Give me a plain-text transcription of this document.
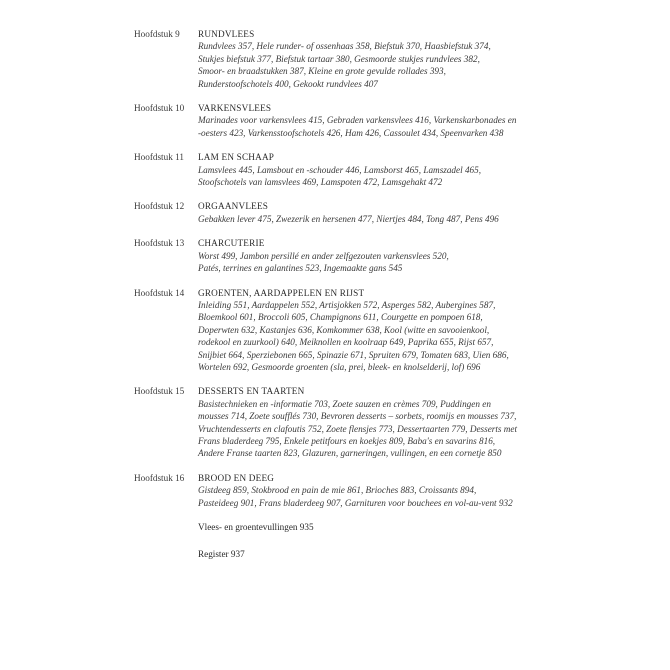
Hoofdstuk 9	RUNDVLEES
Rundvlees 357, Hele runder- of ossenhaas 358, Biefstuk 370, Haasbiefstuk 374,
Stukjes biefstuk 377, Biefstuk tartaar 380, Gesmoorde stukjes rundvlees 382,
Smoor- en braadstukken 387, Kleine en grote gevulde rollades 393,
Runderstoofschotels 400, Gekookt rundvlees 407
Hoofdstuk 10	VARKENSVLEES
Marinades voor varkensvlees 415, Gebraden varkensvlees 416, Varkenskarbonades en
-oesters 423, Varkensstoofschotels 426, Ham 426, Cassoulet 434, Speenvarken 438
Hoofdstuk 11	LAM EN SCHAAP
Lamsvlees 445, Lamsbout en -schouder 446, Lamsborst 465, Lamszadel 465,
Stoofschotels van lamsvlees 469, Lamspoten 472, Lamsgehakt 472
Hoofdstuk 12	ORGAANVLEES
Gebakken lever 475, Zwezerik en hersenen 477, Niertjes 484, Tong 487, Pens 496
Hoofdstuk 13	CHARCUTERIE
Worst 499, Jambon persillé en ander zelfgezouten varkensvlees 520,
Patés, terrines en galantines 523, Ingemaakte gans 545
Hoofdstuk 14	GROENTEN, AARDAPPELEN EN RIJST
Inleiding 551, Aardappelen 552, Artisjokken 572, Asperges 582, Aubergines 587,
Bloemkool 601, Broccoli 605, Champignons 611, Courgette en pompoen 618,
Doperwten 632, Kastanjes 636, Komkommer 638, Kool (witte en savooienkool,
rodekool en zuurkool) 640, Meiknollen en koolraap 649, Paprika 655, Rijst 657,
Snijbiet 664, Sperziebonen 665, Spinazie 671, Spruiten 679, Tomaten 683, Uien 686,
Wortelen 692, Gesmoorde groenten (sla, prei, bleek- en knolselderij, lof) 696
Hoofdstuk 15	DESSERTS EN TAARTEN
Basistechnieken en -informatie 703, Zoete sauzen en crèmes 709, Puddingen en
mousses 714, Zoete soufflés 730, Bevroren desserts – sorbets, roomijs en mousses 737,
Vruchtendesserts en clafoutis 752, Zoete flensjes 773, Dessertaarten 779, Desserts met
Frans bladerdeeg 795, Enkele petitfours en koekjes 809, Baba's en savarins 816,
Andere Franse taarten 823, Glazuren, garneringen, vullingen, en een cornetje 850
Hoofdstuk 16	BROOD EN DEEG
Gistdeeg 859, Stokbrood en pain de mie 861, Brioches 883, Croissants 894,
Pasteideeg 901, Frans bladerdeeg 907, Garnituren voor bouchees en vol-au-vent 932
Vlees- en groentevullingen 935
Register 937
